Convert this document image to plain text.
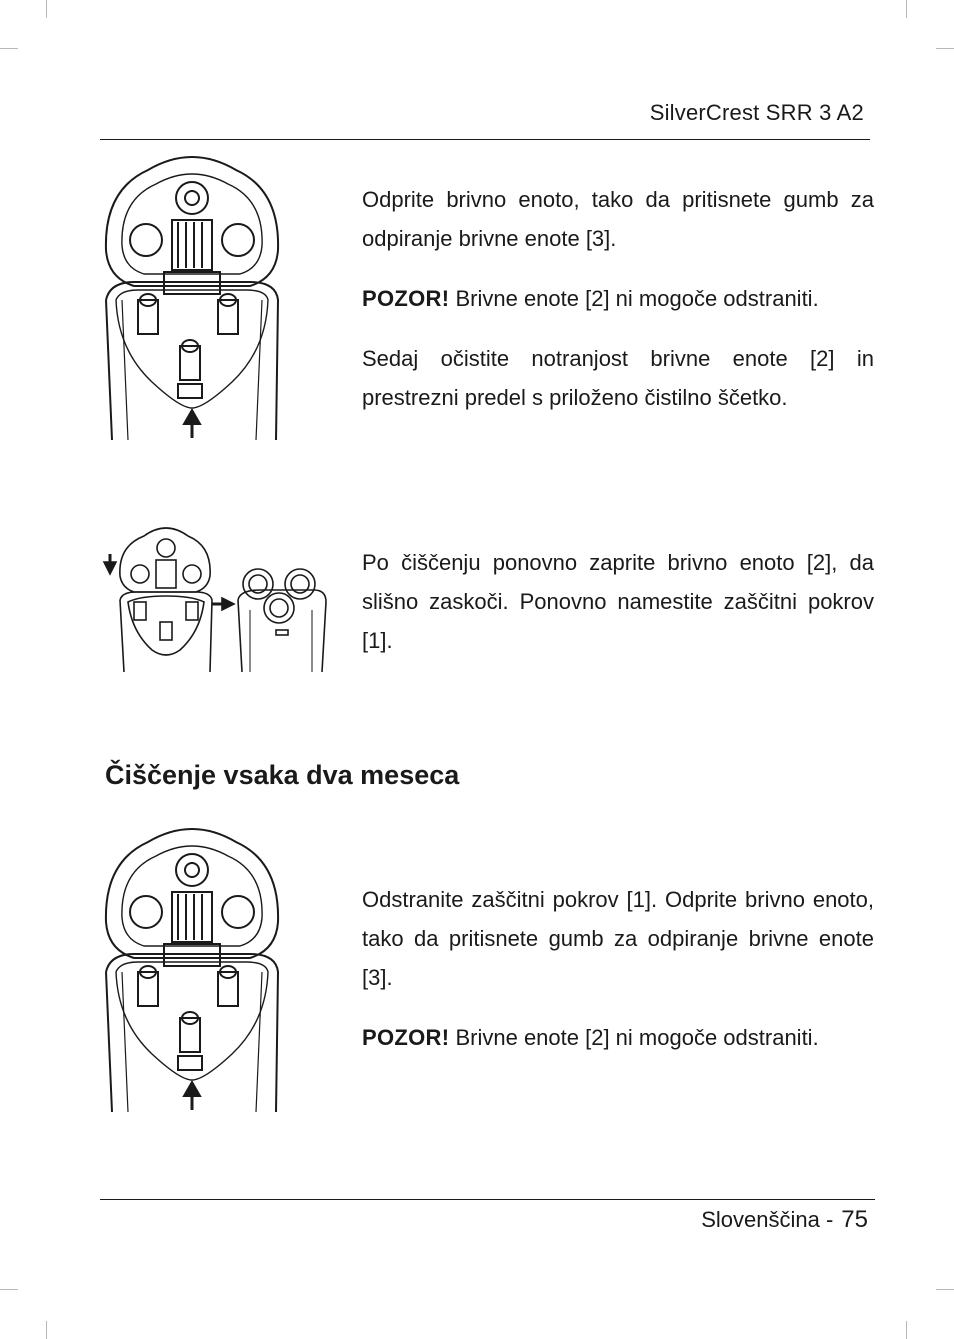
SilverCrest SRR 3 A2

Odprite brivno enoto, tako da pritisnete gumb za odpiranje brivne enote [3].

POZOR! Brivne enote [2] ni mogoče odstraniti.

Sedaj očistite notranjost brivne enote [2] in prestrezni predel s priloženo čistilno ščetko.

Po čiščenju ponovno zaprite brivno enoto [2], da slišno zaskoči. Ponovno namestite zaščitni pokrov [1].

Čiščenje vsaka dva meseca

Odstranite zaščitni pokrov [1]. Odprite brivno enoto, tako da pritisnete gumb za odpiranje brivne enote [3].

POZOR! Brivne enote [2] ni mogoče odstraniti.

Slovenščina - 75
